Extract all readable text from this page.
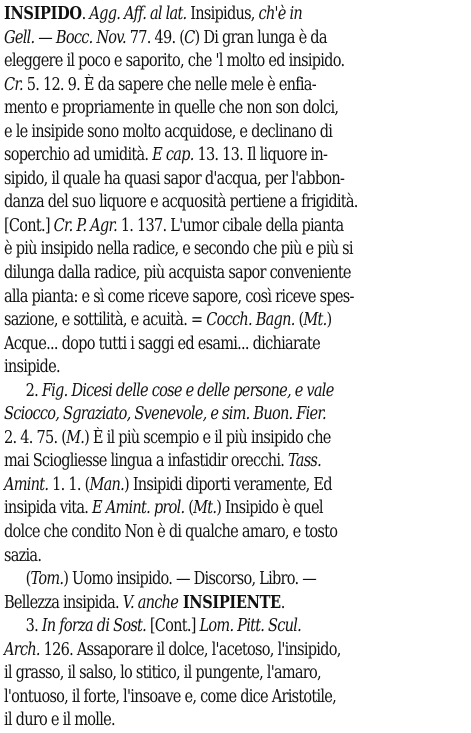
INSIPIDO. Agg. Aff. al lat. Insipidus, ch'è in
Gell. — Bocc. Nov. 77. 49. (C) Di gran lunga è da
eleggere il poco e saporito, che 'l molto ed insipido.
Cr. 5. 12. 9. È da sapere che nelle mele è enfia-
mento e propriamente in quelle che non son dolci,
e le insipide sono molto acquidose, e declinano di
soperchio ad umidità. E cap. 13. 13. Il liquore in-
sipido, il quale ha quasi sapor d'acqua, per l'abbon-
danza del suo liquore e acquosità pertiene a frigidità.
[Cont.] Cr. P. Agr. 1. 137. L'umor cibale della pianta
è più insipido nella radice, e secondo che più e più si
dilunga dalla radice, più acquista sapor conveniente
alla pianta: e sì come riceve sapore, così riceve spes-
sazione, e sottilità, e acuità. = Cocch. Bagn. (Mt.)
Acque... dopo tutti i saggi ed esami... dichiarate
insipide.
2. Fig. Dicesi delle cose e delle persone, e vale
Sciocco, Sgraziato, Svenevole, e sim. Buon. Fier.
2. 4. 75. (M.) È il più scempio e il più insipido che
mai Sciogliesse lingua a infastidir orecchi. Tass.
Amint. 1. 1. (Man.) Insipidi diporti veramente, Ed
insipida vita. E Amint. prol. (Mt.) Insipido è quel
dolce che condito Non è di qualche amaro, e tosto
sazia.
(Tom.) Uomo insipido. — Discorso, Libro. —
Bellezza insipida. V. anche INSIPIENTE.
3. In forza di Sost. [Cont.] Lom. Pitt. Scul.
Arch. 126. Assaporare il dolce, l'acetoso, l'insipido,
il grasso, il salso, lo stitico, il pungente, l'amaro,
l'ontuoso, il forte, l'insoave e, come dice Aristotile,
il duro e il molle.
